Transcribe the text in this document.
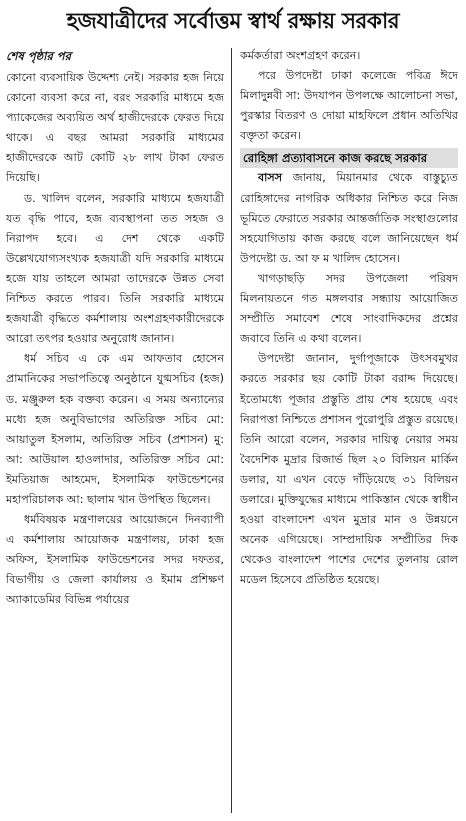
হজযাত্রীদের সর্বোত্তম স্বার্থ রক্ষায় সরকার
শেষ পৃষ্ঠার পর

কোনো ব্যবসায়িক উদ্দেশ্য নেই। সরকার হজ নিয়ে কোনো ব্যবসা করে না, বরং সরকারি মাধ্যমে হজ প্যাকেজের অব্যয়িত অর্থ হাজীদেরকে ফেরত দিয়ে থাকে। এ বছর আমরা সরকারি মাধ্যমের হাজীদেরকে আট কোটি ২৮ লাখ টাকা ফেরত দিয়েছি।

ড. খালিদ বলেন, সরকারি মাধ্যমে হজযাত্রী যত বৃদ্ধি পাবে, হজ ব্যবস্থাপনা তত সহজ ও নিরাপদ হবে। এ দেশ থেকে একটি উল্লেখযোগ্যসংখ্যক হজযাত্রী যদি সরকারি মাধ্যমে হজে যায় তাহলে আমরা তাদেরকে উন্নত সেবা নিশ্চিত করতে পারব। তিনি সরকারি মাধ্যমে হজযাত্রী বৃদ্ধিতে কর্মশালায় অংশগ্রহণকারীদেরকে আরো তৎপর হওয়ার অনুরোধ জানান।

ধর্ম সচিব এ কে এম আফতাব হোসেন প্রামানিকের সভাপতিত্বে অনুষ্ঠানে যুগ্মসচিব (হজ) ড. মঞ্জুরুল হক বক্তব্য করেন। এ সময় অন্যান্যের মধ্যে হজ অনুবিভাগের অতিরিক্ত সচিব মো: আয়াতুল ইসলাম, অতিরিক্ত সচিব (প্রশাসন) মু: আ: আউয়াল হাওলাদার, অতিরিক্ত সচিব মো: ইমতিয়াজ আহমেদ, ইসলামিক ফাউন্ডেশনের মহাপরিচালক আ: ছালাম খান উপস্থিত ছিলেন।

ধর্মবিষয়ক মন্ত্রণালয়ের আয়োজনে দিনব্যাপী এ কর্মশালায় আয়োজক মন্ত্রণালয়, ঢাকা হজ অফিস, ইসলামিক ফাউন্ডেশনের সদর দফতর, বিভাগীয় ও জেলা কার্যালয় ও ইমাম প্রশিক্ষণ অ্যাকাডেমির বিভিন্ন পর্যায়ের

কর্মকর্তারা অংশগ্রহণ করেন।

পরে উপদেষ্টা ঢাকা কলেজে পবিত্র ঈদে মিলাদুন্নবী সা: উদযাপন উপলক্ষে আলোচনা সভা, পুরস্কার বিতরণ ও দোয়া মাহফিলে প্রধান অতিথির বক্তৃতা করেন।

রোহিঙ্গা প্রত্যাবাসনে কাজ করছে সরকার

বাসস জানায়, মিয়ানমার থেকে বাস্তুচ্যুত রোহিঙ্গাদের নাগরিক অধিকার নিশ্চিত করে নিজ ভূমিতে ফেরাতে সরকার আন্তর্জাতিক সংস্থাগুলোর সহযোগিতায় কাজ করছে বলে জানিয়েছেন ধর্ম উপদেষ্টা ড. আ ফ ম খালিদ হোসেন।

খাগড়াছড়ি সদর উপজেলা পরিষদ মিলনায়তনে গত মঙ্গলবার সন্ধ্যায় আয়োজিত সম্প্রীতি সমাবেশ শেষে সাংবাদিকদের প্রশ্নের জবাবে তিনি এ কথা বলেন।

উপদেষ্টা জানান, দুর্গাপূজাকে উৎসবমুখর করতে সরকার ছয় কোটি টাকা বরাদ্দ দিয়েছে। ইতোমধ্যে পূজার প্রস্তুতি প্রায় শেষ হয়েছে এবং নিরাপত্তা নিশ্চিতে প্রশাসন পুরোপুরি প্রস্তুত রয়েছে। তিনি আরো বলেন, সরকার দায়িত্ব নেয়ার সময় বৈদেশিক মুদ্রার রিজার্ভ ছিল ২০ বিলিয়ন মার্কিন ডলার, যা এখন বেড়ে দাঁড়িয়েছে ৩১ বিলিয়ন ডলারে। মুক্তিযুদ্ধের মাধ্যমে পাকিস্তান থেকে স্বাধীন হওয়া বাংলাদেশ এখন মুদ্রার মান ও উন্নয়নে অনেক এগিয়েছে। সাম্প্রদায়িক সম্প্রীতির দিক থেকেও বাংলাদেশ পাশের দেশের তুলনায় রোল মডেল হিসেবে প্রতিষ্ঠিত হয়েছে।
